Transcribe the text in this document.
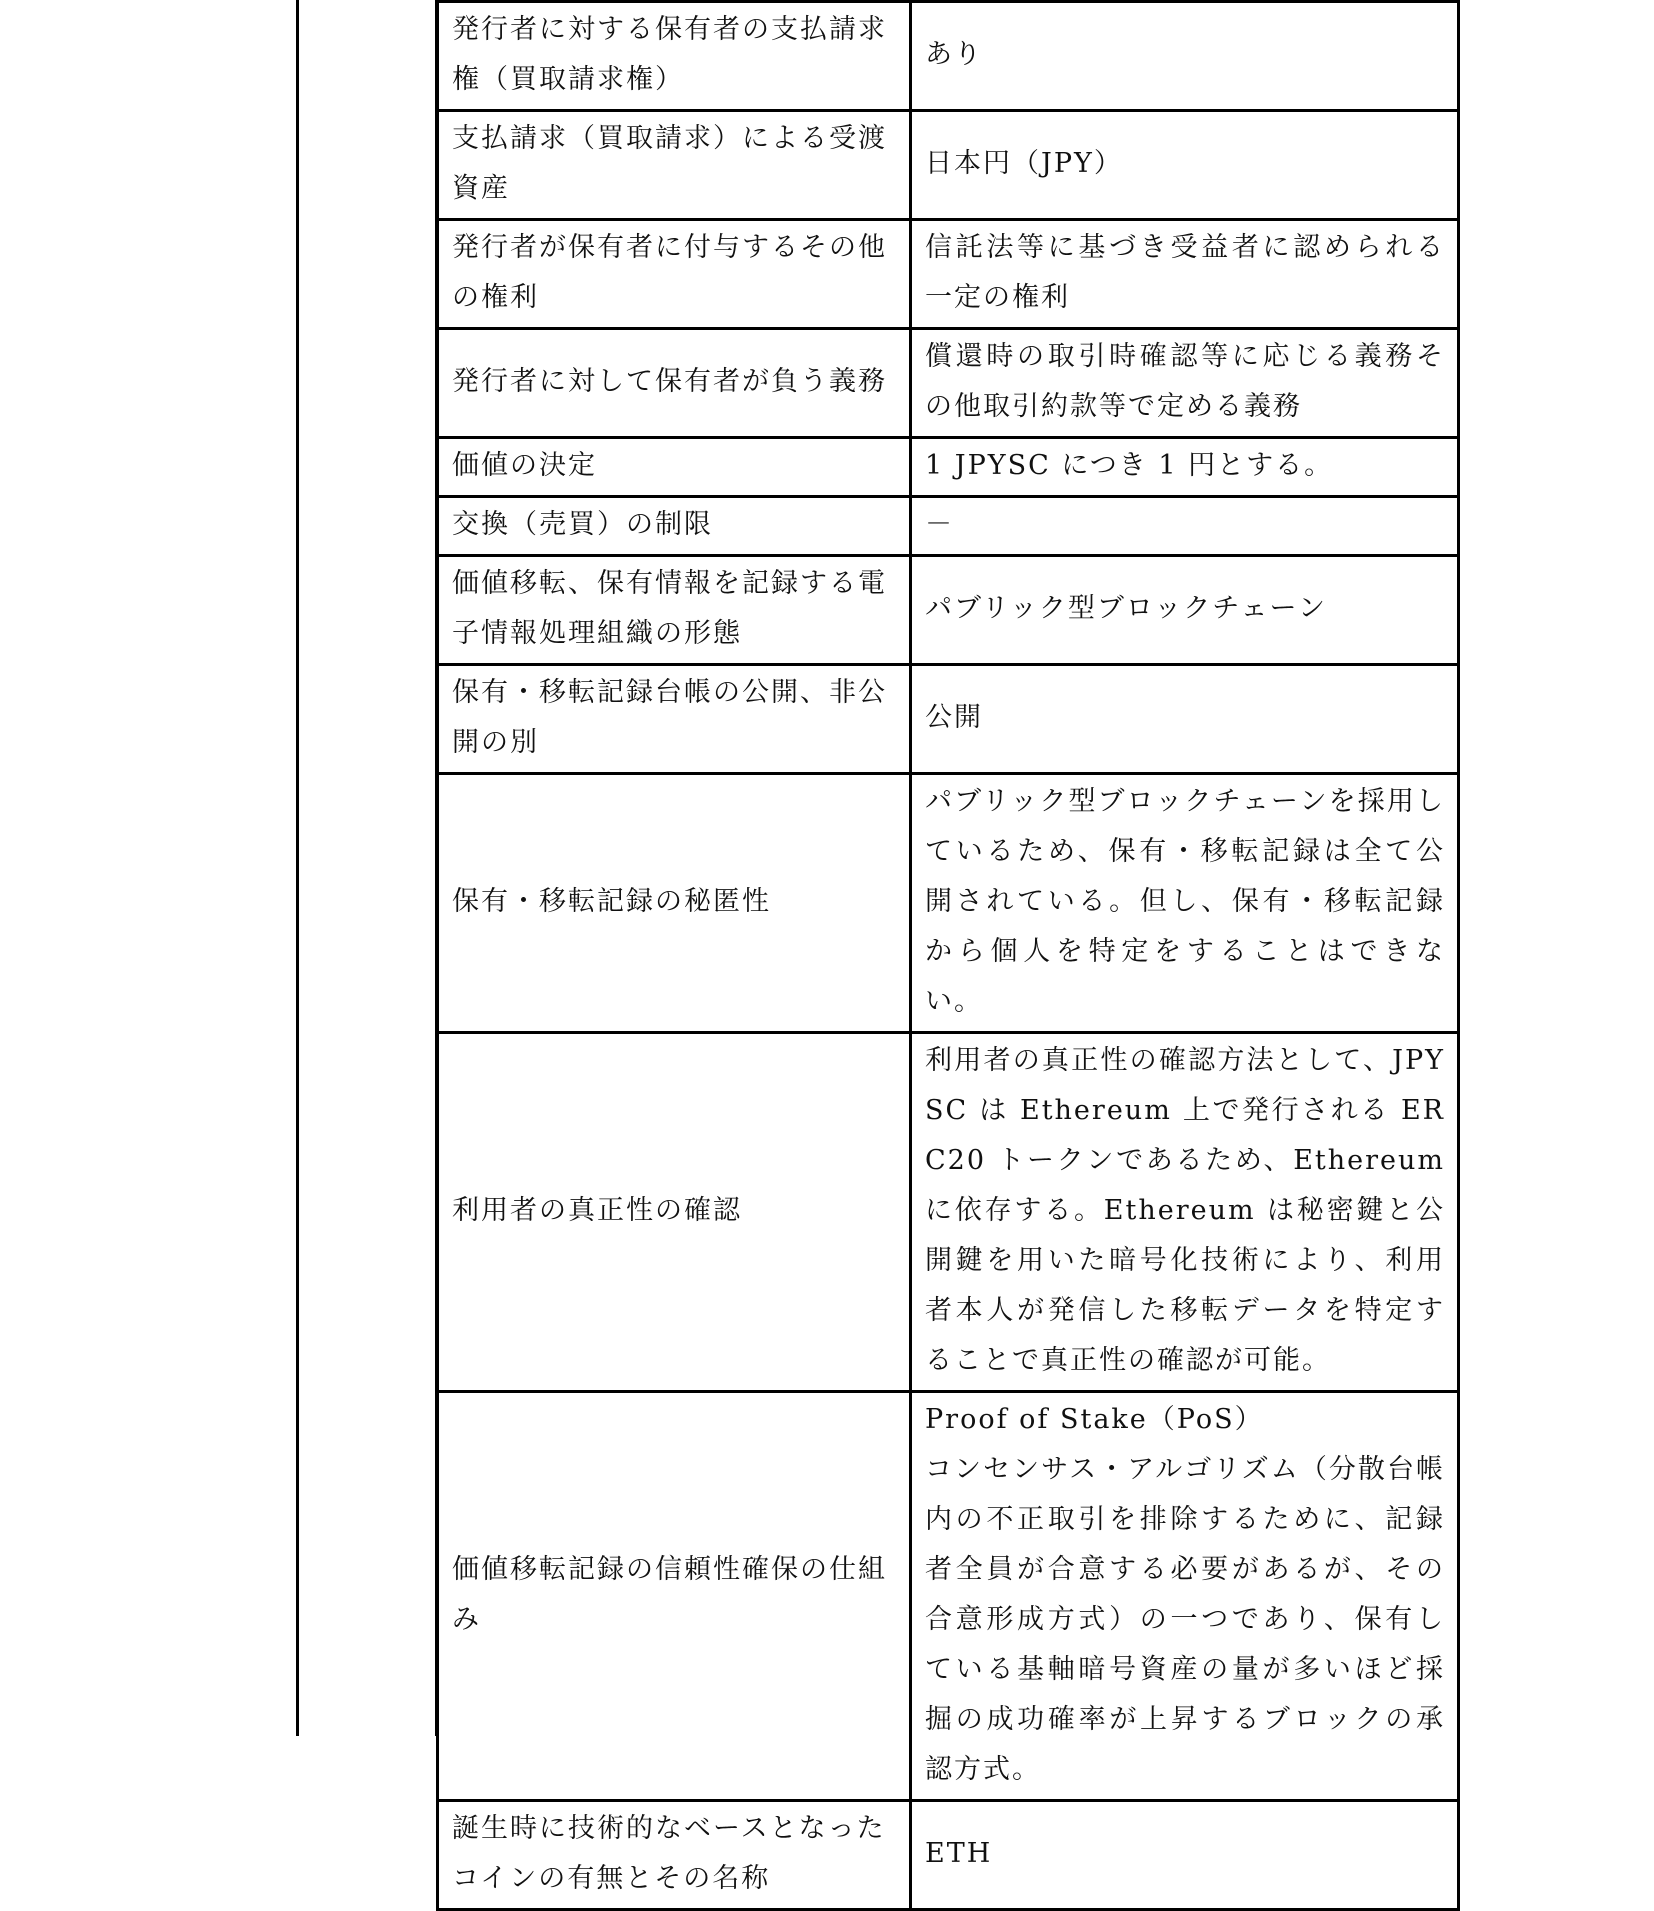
発行者に対する保有者の支払請求権（買取請求権）	あり
支払請求（買取請求）による受渡資産	日本円（JPY）
発行者が保有者に付与するその他の権利	信託法等に基づき受益者に認められる一定の権利
発行者に対して保有者が負う義務	償還時の取引時確認等に応じる義務その他取引約款等で定める義務
価値の決定	1 JPYSC につき 1 円とする。
交換（売買）の制限	－
価値移転、保有情報を記録する電子情報処理組織の形態	パブリック型ブロックチェーン
保有・移転記録台帳の公開、非公開の別	公開
保有・移転記録の秘匿性	パブリック型ブロックチェーンを採用しているため、保有・移転記録は全て公開されている。但し、保有・移転記録から個人を特定をすることはできない。
利用者の真正性の確認	利用者の真正性の確認方法として、JPYSC は Ethereum 上で発行される ERC20 トークンであるため、Ethereum に依存する。Ethereum は秘密鍵と公開鍵を用いた暗号化技術により、利用者本人が発信した移転データを特定することで真正性の確認が可能。
価値移転記録の信頼性確保の仕組み	Proof of Stake（PoS）
コンセンサス・アルゴリズム（分散台帳内の不正取引を排除するために、記録者全員が合意する必要があるが、その合意形成方式）の一つであり、保有している基軸暗号資産の量が多いほど採掘の成功確率が上昇するブロックの承認方式。
誕生時に技術的なベースとなったコインの有無とその名称	ETH
